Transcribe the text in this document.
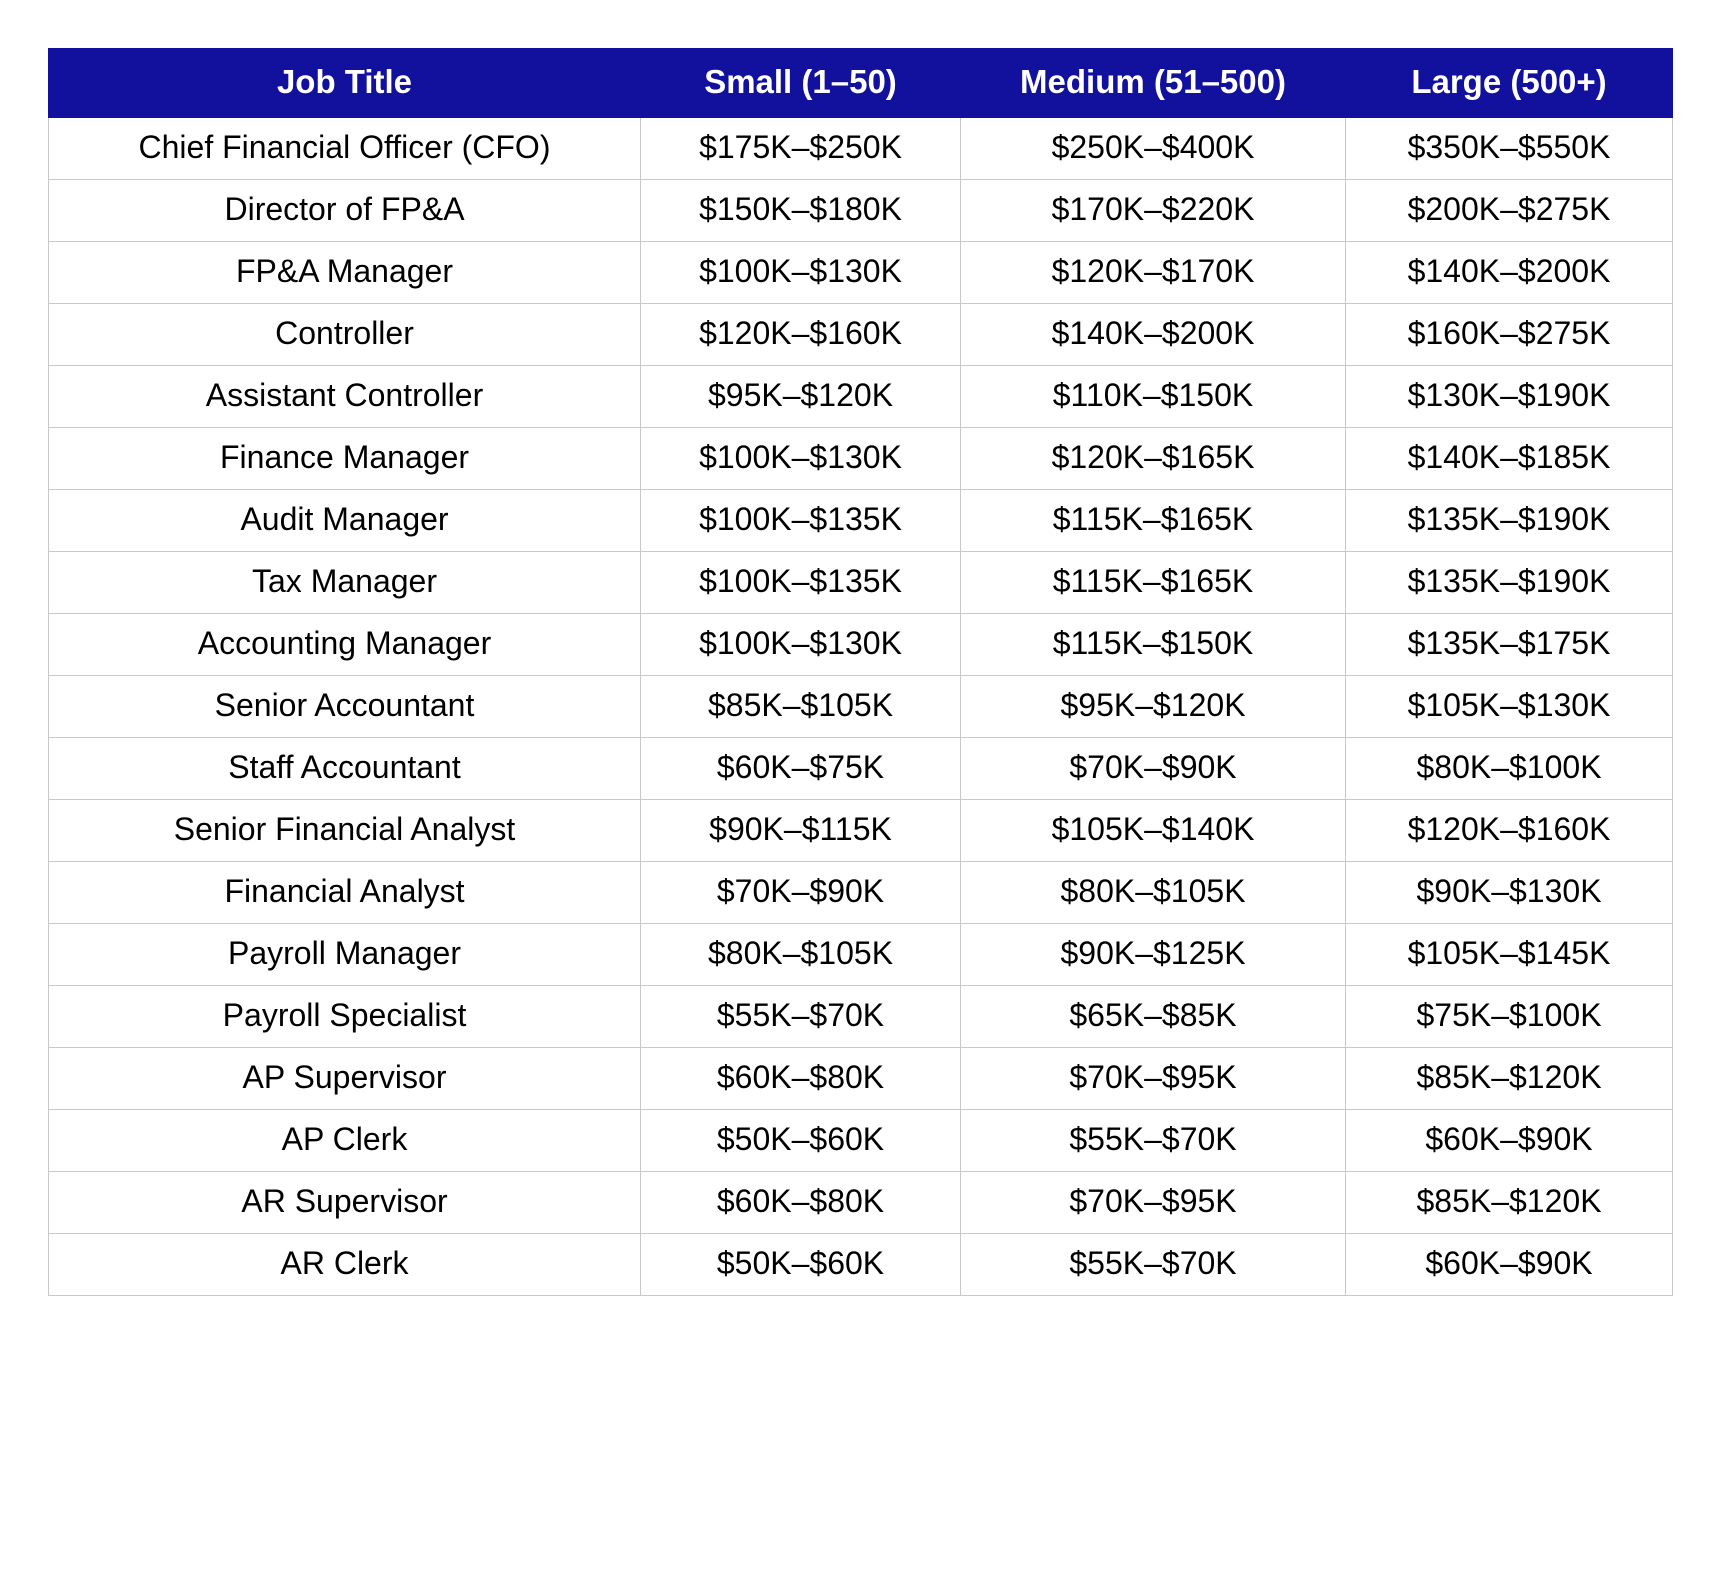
Job Title	Small (1–50)	Medium (51–500)	Large (500+)
Chief Financial Officer (CFO)	$175K–$250K	$250K–$400K	$350K–$550K
Director of FP&A	$150K–$180K	$170K–$220K	$200K–$275K
FP&A Manager	$100K–$130K	$120K–$170K	$140K–$200K
Controller	$120K–$160K	$140K–$200K	$160K–$275K
Assistant Controller	$95K–$120K	$110K–$150K	$130K–$190K
Finance Manager	$100K–$130K	$120K–$165K	$140K–$185K
Audit Manager	$100K–$135K	$115K–$165K	$135K–$190K
Tax Manager	$100K–$135K	$115K–$165K	$135K–$190K
Accounting Manager	$100K–$130K	$115K–$150K	$135K–$175K
Senior Accountant	$85K–$105K	$95K–$120K	$105K–$130K
Staff Accountant	$60K–$75K	$70K–$90K	$80K–$100K
Senior Financial Analyst	$90K–$115K	$105K–$140K	$120K–$160K
Financial Analyst	$70K–$90K	$80K–$105K	$90K–$130K
Payroll Manager	$80K–$105K	$90K–$125K	$105K–$145K
Payroll Specialist	$55K–$70K	$65K–$85K	$75K–$100K
AP Supervisor	$60K–$80K	$70K–$95K	$85K–$120K
AP Clerk	$50K–$60K	$55K–$70K	$60K–$90K
AR Supervisor	$60K–$80K	$70K–$95K	$85K–$120K
AR Clerk	$50K–$60K	$55K–$70K	$60K–$90K
